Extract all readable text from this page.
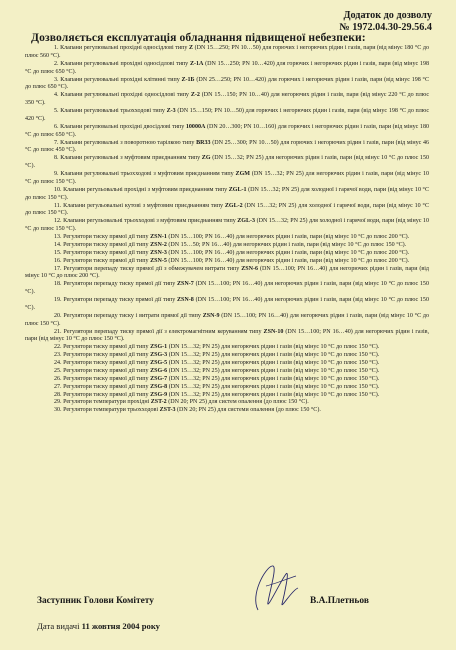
Додаток до дозволу
№ 1972.04.30-29.56.4
Дозволяється експлуатація обладнання підвищеної небезпеки:

1. Клапани регулювальні прохідні односідлові типу Z (DN 15…250; PN 10…50) для горючих і негорючих рідин і газів, пари (від мінус 180 °С до плюс 560 °С).

2. Клапани регулювальні прохідні односідлові типу Z-1А (DN 15…250; PN 10…420) для горючих і негорючих рідин і газів, пари (від мінус 198 °С до плюс 650 °С).

3. Клапани регулювальні прохідні клітинні типу Z-1Б (DN 25…250; PN 10…420) для горючих і негорючих рідин і газів, пари (від мінус 198 °С до плюс 650 °С).

4. Клапани регулювальні прохідні односідлові типу Z-2 (DN 15…150; PN 10…40) для негорючих рідин і газів, пари (від мінус 220 °С до плюс 350 °С).

5. Клапани регулювальні трьохходові типу Z-3 (DN 15…150; PN 10…50) для горючих і негорючих рідин і газів, пари (від мінус 198 °С до плюс 420 °С).

6. Клапани регулювальні прохідні двосідлові типу 10000А (DN 20…300; PN 10…160) для горючих і негорючих рідин і газів, пари (від мінус 180 °С до плюс 650 °С).

7. Клапани регулювальні з поворотною тарілкою типу BR33 (DN 25…300; PN 10…50) для горючих і негорючих рідин і газів, пари (від мінус 46 °С до плюс 450 °С).

8. Клапани регулювальні з муфтовим приєднанням типу ZG (DN 15…32; PN 25) для негорючих рідин і газів, пари (від мінус 10 °С до плюс 150 °С).

9. Клапани регулювальні трьохходові з муфтовим приєднанням типу ZGM (DN 15…32; PN 25) для негорючих рідин і газів, пари (від мінус 10 °С до плюс 150 °С).

10. Клапани регульовальні прохідні з муфтовим приєднанням типу ZGL-1 (DN 15…32; PN 25) для холодної і гарячої води, пари (від мінус 10 °С до плюс 150 °С).

11. Клапани регульовальні кутові з муфтовим приєднанням типу ZGL-2 (DN 15…32; PN 25) для холодної і гарячої води, пари (від мінус 10 °С до плюс 150 °С).

12. Клапани регульовальні трьохходові з муфтовим приєднанням типу ZGL-3 (DN 15…32; PN 25) для холодної і гарячої води, пари (від мінус 10 °С до плюс 150 °С).

13. Регулятори тиску прямої дії типу ZSN-1 (DN 15…100; PN 16…40) для негорючих рідин і газів, пари (від мінус 10 °С до плюс 200 °С).

14. Регулятори тиску прямої дії типу ZSN-2 (DN 15…50; PN 16…40) для негорючих рідин і газів, пари (від мінус 10 °С до плюс 150 °С).

15. Регулятори тиску прямої дії типу ZSN-3 (DN 15…100; PN 16…40) для негорючих рідин і газів, пари (від мінус 10 °С до плюс 200 °С).

16. Регулятори тиску прямої дії типу ZSN-5 (DN 15…100; PN 16…40) для негорючих рідин і газів, пари (від мінус 10 °С до плюс 200 °С).

17. Регулятори перепаду тиску прямої дії з обмежувачем витрати типу ZSN-6 (DN 15…100; PN 16…40) для негорючих рідин і газів, пари (від мінус 10 °С до плюс 200 °С).

18. Регулятори перепаду тиску прямої дії типу ZSN-7 (DN 15…100; PN 16…40) для негорючих рідин і газів, пари (від мінус 10 °С до плюс 150 °С).

19. Регулятори перепаду тиску прямої дії типу ZSN-8 (DN 15…100; PN 16…40) для негорючих рідин і газів, пари (від мінус 10 °С до плюс 150 °С).

20. Регулятори перепаду тиску і витрати прямої дії типу ZSN-9 (DN 15…100; PN 16…40) для негорючих рідин і газів, пари (від мінус 10 °С до плюс 150 °С).

21. Регулятори перепаду тиску прямої дії з електромагнітним керуванням типу ZSN-10 (DN 15…100; PN 16…40) для негорючих рідин і газів, пари (від мінус 10 °С до плюс 150 °С).

22. Регулятори тиску прямої дії типу ZSG-1 (DN 15…32; PN 25) для негорючих рідин і газів (від мінус 10 °С до плюс 150 °С).

23. Регулятори тиску прямої дії типу ZSG-3 (DN 15…32; PN 25) для негорючих рідин і газів (від мінус 10 °С до плюс 150 °С).

24. Регулятори тиску прямої дії типу ZSG-5 (DN 15…32; PN 25) для негорючих рідин і газів (від мінус 10 °С до плюс 150 °С).

25. Регулятори тиску прямої дії типу ZSG-6 (DN 15…32; PN 25) для негорючих рідин і газів (від мінус 10 °С до плюс 150 °С).

26. Регулятори тиску прямої дії типу ZSG-7 (DN 15…32; PN 25) для негорючих рідин і газів (від мінус 10 °С до плюс 150 °С).

27. Регулятори тиску прямої дії типу ZSG-8 (DN 15…32; PN 25) для негорючих рідин і газів (від мінус 10 °С до плюс 150 °С).

28. Регулятори тиску прямої дії типу ZSG-9 (DN 15…32; PN 25) для негорючих рідин і газів (від мінус 10 °С до плюс 150 °С).

29. Регулятори температури прохідні ZST-2 (DN 20; PN 25) для систем опалення (до плюс 150 °С).

30. Регулятори температури трьохходові ZST-3 (DN 20; PN 25) для системи опалення (до плюс 150 °С).

Заступник Голови Комітету	В.А.Плетньов
Дата видачі 11 жовтня 2004 року
